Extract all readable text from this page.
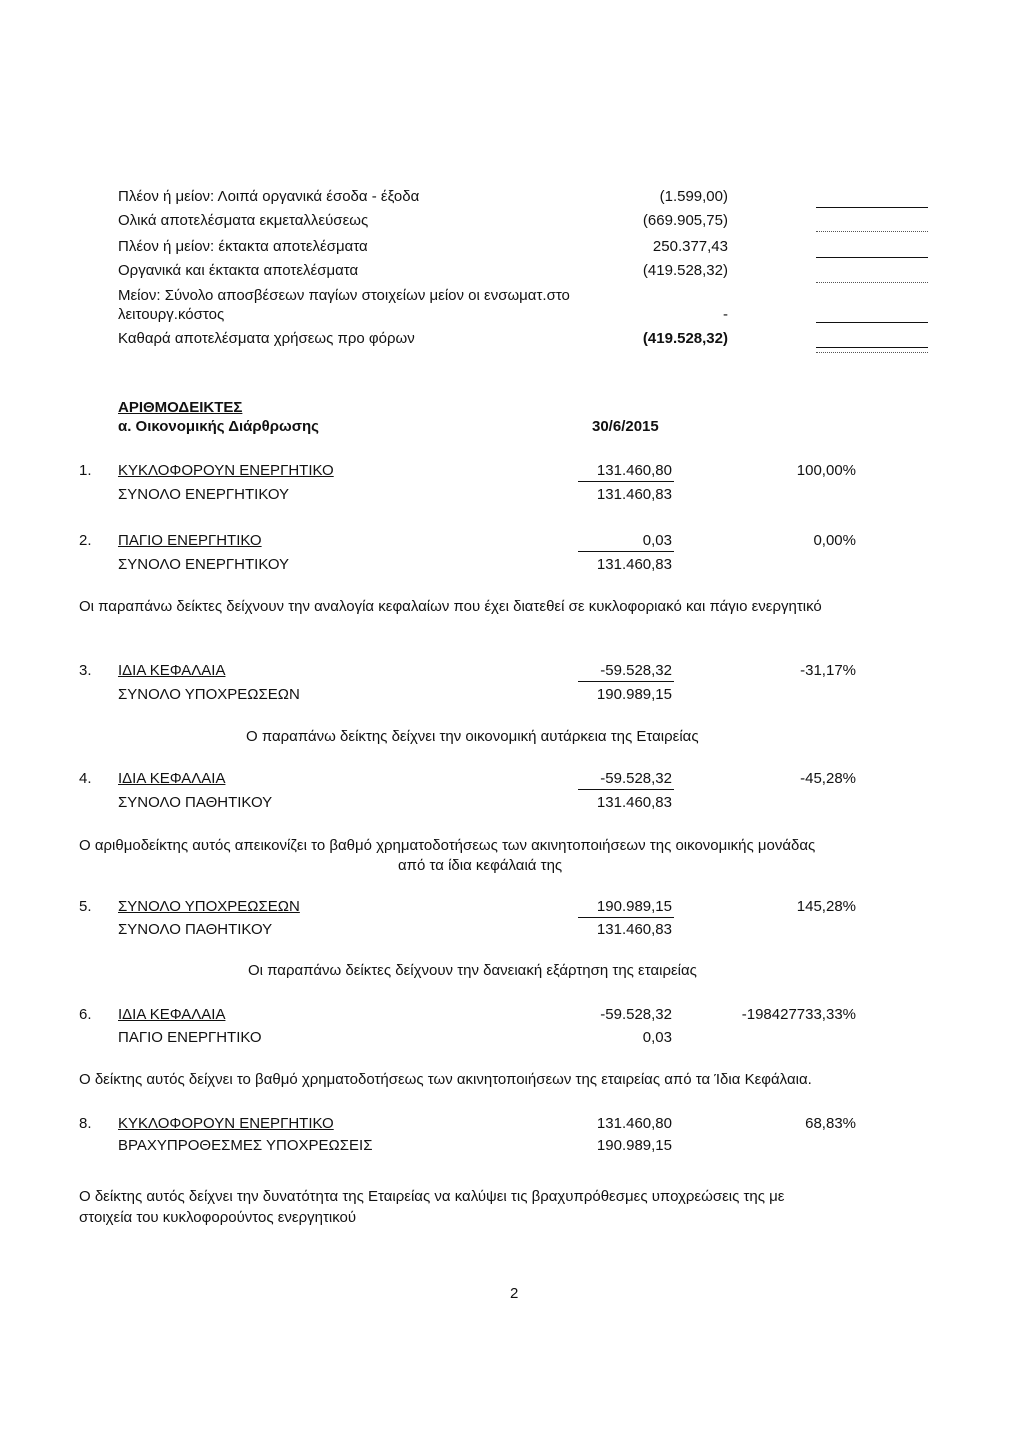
Πλέον ή μείον: Λοιπά οργανικά έσοδα - έξοδα	(1.599,00)
Ολικά αποτελέσματα εκμεταλλεύσεως	(669.905,75)
Πλέον ή μείον: έκτακτα αποτελέσματα	250.377,43
Οργανικά και έκτακτα αποτελέσματα	(419.528,32)
Μείον: Σύνολο αποσβέσεων παγίων στοιχείων μείον οι ενσωματ.στο
λειτουργ.κόστος	-
Καθαρά αποτελέσματα χρήσεως προ φόρων	(419.528,32)
ΑΡΙΘΜΟΔΕΙΚΤΕΣ
α. Οικονομικής Διάρθρωσης	30/6/2015
1. ΚΥΚΛΟΦΟΡΟΥΝ ΕΝΕΡΓΗΤΙΚΟ	131.460,80	100,00%
ΣΥΝΟΛΟ ΕΝΕΡΓΗΤΙΚΟΥ	131.460,83
2. ΠΑΓΙΟ ΕΝΕΡΓΗΤΙΚΟ	0,03	0,00%
ΣΥΝΟΛΟ ΕΝΕΡΓΗΤΙΚΟΥ	131.460,83
Οι παραπάνω δείκτες δείχνουν την αναλογία κεφαλαίων που έχει διατεθεί σε κυκλοφοριακό και πάγιο ενεργητικό
3. ΙΔΙΑ ΚΕΦΑΛΑΙΑ	-59.528,32	-31,17%
ΣΥΝΟΛΟ ΥΠΟΧΡΕΩΣΕΩΝ	190.989,15
Ο παραπάνω δείκτης δείχνει την οικονομική αυτάρκεια της Εταιρείας
4. ΙΔΙΑ ΚΕΦΑΛΑΙΑ	-59.528,32	-45,28%
ΣΥΝΟΛΟ ΠΑΘΗΤΙΚΟΥ	131.460,83
Ο αριθμοδείκτης αυτός απεικονίζει το βαθμό χρηματοδοτήσεως των ακινητοποιήσεων της οικονομικής μονάδας
από τα ίδια κεφάλαιά της
5. ΣΥΝΟΛΟ ΥΠΟΧΡΕΩΣΕΩΝ	190.989,15	145,28%
ΣΥΝΟΛΟ ΠΑΘΗΤΙΚΟΥ	131.460,83
Οι παραπάνω δείκτες δείχνουν την δανειακή εξάρτηση της εταιρείας
6. ΙΔΙΑ ΚΕΦΑΛΑΙΑ	-59.528,32	-198427733,33%
ΠΑΓΙΟ ΕΝΕΡΓΗΤΙΚΟ	0,03
Ο δείκτης αυτός δείχνει το βαθμό χρηματοδοτήσεως των ακινητοποιήσεων της εταιρείας από τα Ίδια Κεφάλαια.
8. ΚΥΚΛΟΦΟΡΟΥΝ ΕΝΕΡΓΗΤΙΚΟ	131.460,80	68,83%
ΒΡΑΧΥΠΡΟΘΕΣΜΕΣ ΥΠΟΧΡΕΩΣΕΙΣ	190.989,15
Ο δείκτης αυτός δείχνει την δυνατότητα της Εταιρείας να καλύψει τις βραχυπρόθεσμες υποχρεώσεις της με
στοιχεία του κυκλοφορούντος ενεργητικού
2
